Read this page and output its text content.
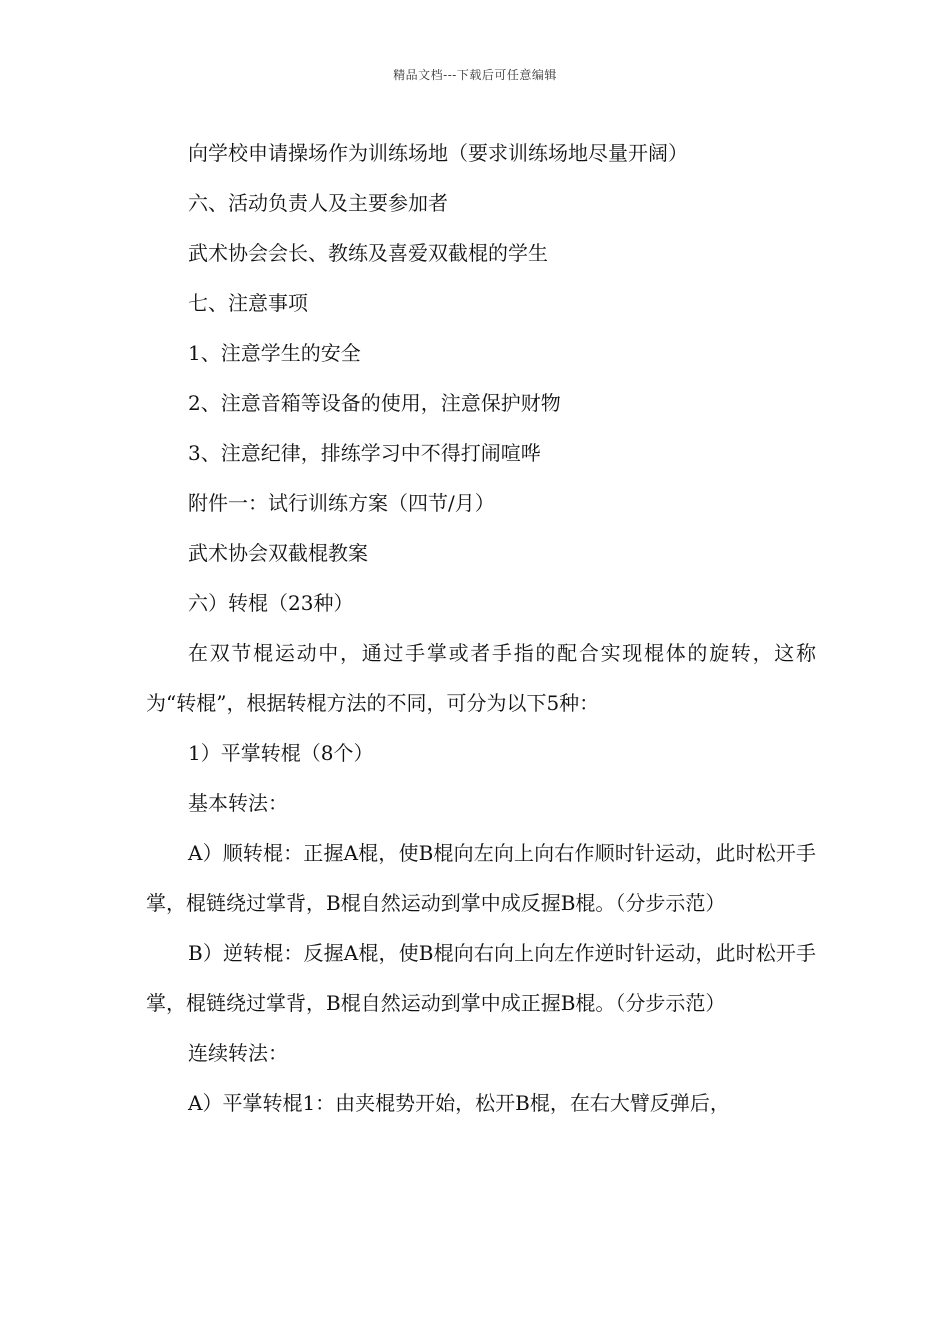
精品文档---下载后可任意编辑

向学校申请操场作为训练场地（要求训练场地尽量开阔）

六、活动负责人及主要参加者

武术协会会长、教练及喜爱双截棍的学生

七、注意事项

1、注意学生的安全

2、注意音箱等设备的使用，注意保护财物

3、注意纪律，排练学习中不得打闹喧哗

附件一：试行训练方案（四节/月）

武术协会双截棍教案

六）转棍（23种）

在双节棍运动中，通过手掌或者手指的配合实现棍体的旋转，这称为“转棍”，根据转棍方法的不同，可分为以下5种：

1）平掌转棍（8个）

基本转法：

A）顺转棍：正握A棍，使B棍向左向上向右作顺时针运动，此时松开手掌，棍链绕过掌背，B棍自然运动到掌中成反握B棍。（分步示范）

B）逆转棍：反握A棍，使B棍向右向上向左作逆时针运动，此时松开手掌，棍链绕过掌背，B棍自然运动到掌中成正握B棍。（分步示范）

连续转法：

A）平掌转棍1：由夹棍势开始，松开B棍，在右大臂反弹后，
